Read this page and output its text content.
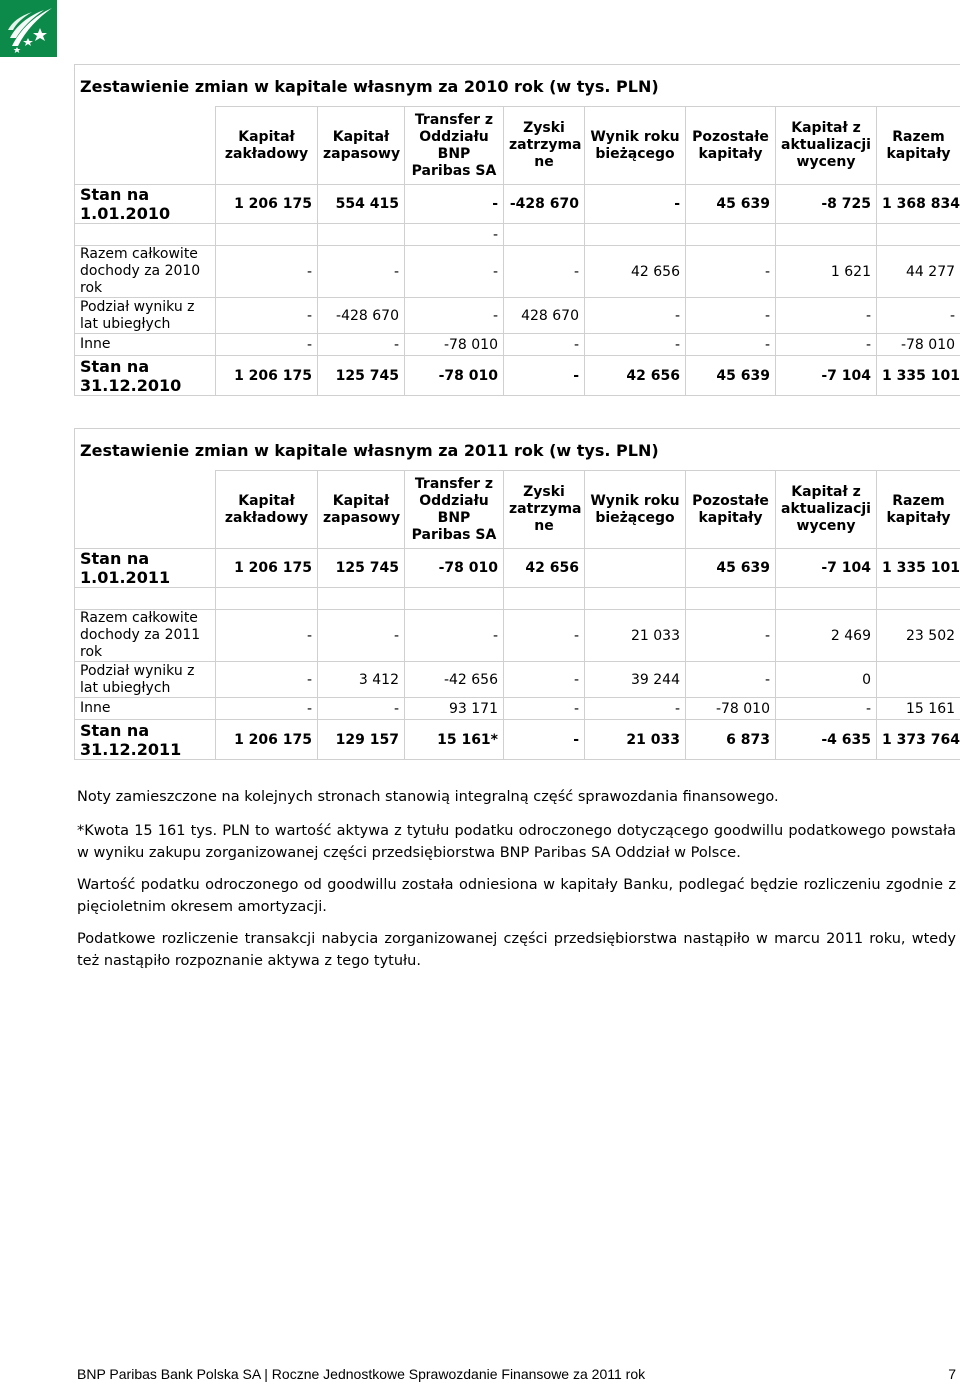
Zestawienie zmian w kapitale własnym za 2010 rok (w tys. PLN)								
	Kapitał zakładowy	Kapitał zapasowy	Transfer z Oddziału BNP Paribas SA	Zyski zatrzyma ne	Wynik roku bieżącego	Pozostałe kapitały	Kapitał z aktualizacji wyceny	Razem kapitały
Stan na 1.01.2010	1 206 175	554 415	-	-428 670	-	45 639	-8 725	1 368 834
			-					
Razem całkowite dochody za 2010 rok	-	-	-	-	42 656	-	1 621	44 277
Podział wyniku z lat ubiegłych	-	-428 670	-	428 670	-	-	-	-
Inne	-	-	-78 010	-	-	-	-	-78 010
Stan na 31.12.2010	1 206 175	125 745	-78 010	-	42 656	45 639	-7 104	1 335 101
Zestawienie zmian w kapitale własnym za 2011 rok (w tys. PLN)								
	Kapitał zakładowy	Kapitał zapasowy	Transfer z Oddziału BNP Paribas SA	Zyski zatrzyma ne	Wynik roku bieżącego	Pozostałe kapitały	Kapitał z aktualizacji wyceny	Razem kapitały
Stan na 1.01.2011	1 206 175	125 745	-78 010	42 656		45 639	-7 104	1 335 101

Razem całkowite dochody za 2011 rok	-	-	-	-	21 033	-	2 469	23 502
Podział wyniku z lat ubiegłych	-	3 412	-42 656	-	39 244	-	0	
Inne	-	-	93 171	-	-	-78 010	-	15 161
Stan na 31.12.2011	1 206 175	129 157	15 161*	-	21 033	6 873	-4 635	1 373 764

Noty zamieszczone na kolejnych stronach stanowią integralną część sprawozdania finansowego.

*Kwota 15 161 tys. PLN to wartość aktywa z tytułu podatku odroczonego dotyczącego goodwillu podatkowego powstała w wyniku zakupu zorganizowanej części przedsiębiorstwa BNP Paribas SA Oddział w Polsce.

Wartość podatku odroczonego od goodwillu została odniesiona w kapitały Banku, podlegać będzie rozliczeniu zgodnie z pięcioletnim okresem amortyzacji.

Podatkowe rozliczenie transakcji nabycia zorganizowanej części przedsiębiorstwa nastąpiło w marcu 2011 roku, wtedy też nastąpiło rozpoznanie aktywa z tego tytułu.

BNP Paribas Bank Polska SA | Roczne Jednostkowe Sprawozdanie Finansowe za 2011 rok	7
